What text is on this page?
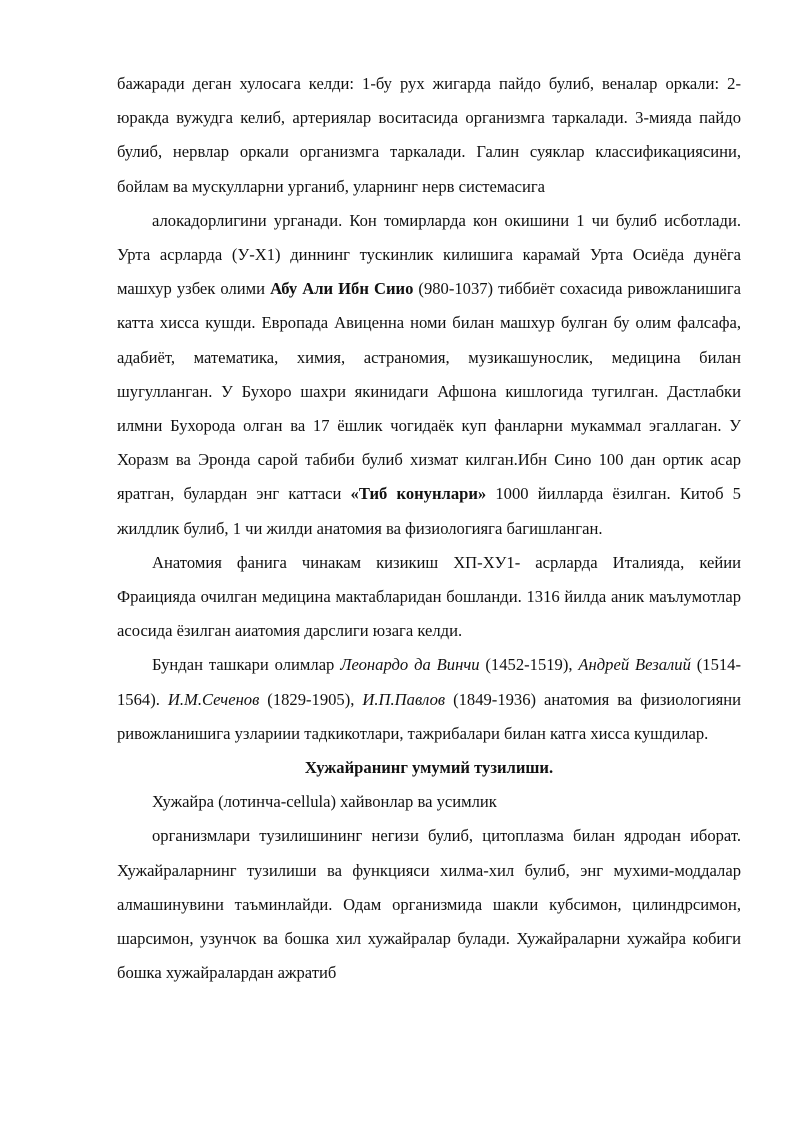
бажаради деган хулосага келди: 1-бу рух жигарда пайдо булиб, веналар оркали: 2-юракда вужудга келиб, артериялар воситасида организмга таркалади. 3-мияда пайдо булиб, нервлар оркали организмга таркалади. Галин суяклар классификациясини, бойлам ва мускулларни урганиб, уларнинг нерв системасига

алокадорлигини урганади. Кон томирларда кон окишини 1 чи булиб исботлади. Урта асрларда (У-Х1) диннинг тускинлик килишига карамай Урта Осиёда дунёга машхур узбек олими Абу Али Ибн Сиио (980-1037) тиббиёт сохасида ривожланишига катта хисса кушди. Европада Авиценна номи билан машхур булган бу олим фалсафа, адабиёт, математика, химия, астраномия, музикашунослик, медицина билан шугулланган. У Бухоро шахри якинидаги Афшона кишлогида тугилган. Дастлабки илмни Бухорода олган ва 17 ёшлик чогидаёк куп фанларни мукаммал эгаллаган. У Хоразм ва Эронда сарой табиби булиб хизмат килган.Ибн Сино 100 дан ортик асар яратган, булардан энг каттаси «Тиб конунлари» 1000 йилларда ёзилган. Китоб 5 жилдлик булиб, 1 чи жилди анатомия ва физиологияга багишланган.

Анатомия фанига чинакам кизикиш ХП-ХУ1- асрларда Италияда, кейии Фраицияда очилган медицина мактабларидан бошланди. 1316 йилда аник маълумотлар асосида ёзилган аиатомия дарслиги юзага келди.

Бундан ташкари олимлар Леонардо да Винчи (1452-1519), Андрей Везалий (1514-1564). И.М.Сеченов (1829-1905), И.П.Павлов (1849-1936) анатомия ва физиологияни ривожланишига узлариии тадкикотлари, тажрибалари билан катга хисса кушдилар.

Хужайранинг умумий тузилиши.

Хужайра (лотинча-cellula) хайвонлар ва усимлик

организмлари тузилишининг негизи булиб, цитоплазма билан ядродан иборат. Хужайраларнинг тузилиши ва функцияси хилма-хил булиб, энг мухими-моддалар алмашинувини таъминлайди. Одам организмида шакли кубсимон, цилиндрсимон, шарсимон, узунчок ва бошка хил хужайралар булади. Хужайраларни хужайра кобиги бошка хужайралардан ажратиб
